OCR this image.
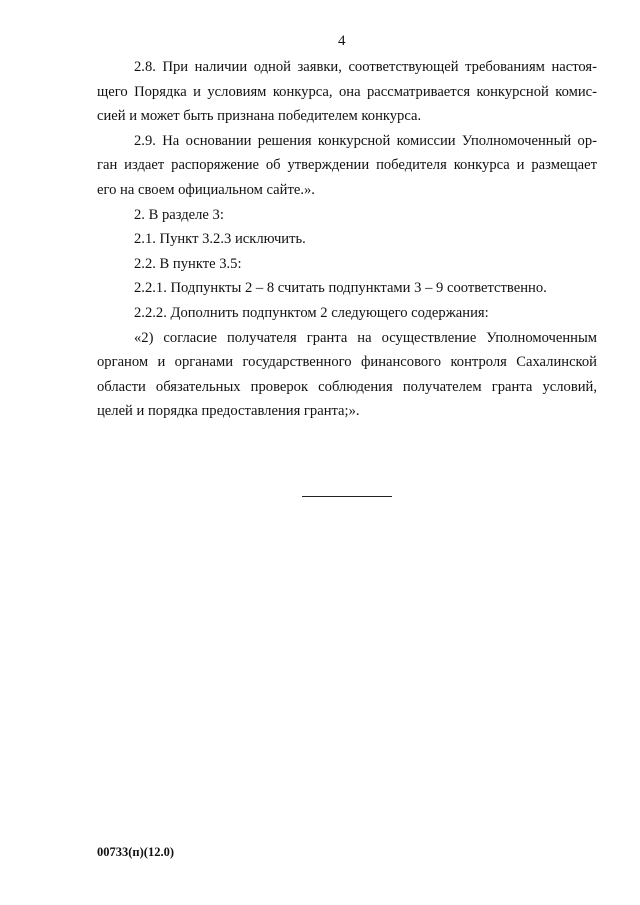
4
2.8. При наличии одной заявки, соответствующей требованиям настоя-
щего Порядка и условиям конкурса, она рассматривается конкурсной комис-
сией и может быть признана победителем конкурса.
2.9. На основании решения конкурсной комиссии Уполномоченный ор-
ган издает распоряжение об утверждении победителя конкурса и размещает
его на своем официальном сайте.».
2. В разделе 3:
2.1. Пункт 3.2.3 исключить.
2.2. В пункте 3.5:
2.2.1. Подпункты 2 – 8 считать подпунктами 3 – 9 соответственно.
2.2.2. Дополнить подпунктом 2 следующего содержания:
«2) согласие получателя гранта на осуществление Уполномоченным
органом и органами государственного финансового контроля Сахалинской
области обязательных проверок соблюдения получателем гранта условий,
целей и порядка предоставления гранта;».
00733(п)(12.0)
